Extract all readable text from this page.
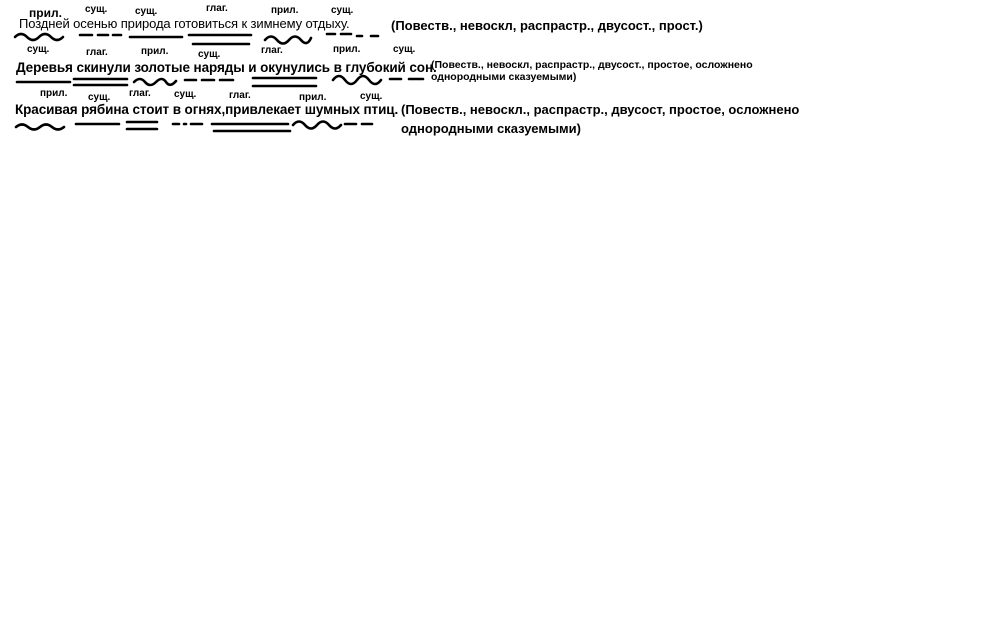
прил. сущ.	сущ.	глаг.	прил.	сущ.
Поздней осенью природа готовиться к зимнему отдыху.	(Повеств., невоскл, распрастр., двусост., прост.)
сущ.	глаг.	прил.	сущ.	глаг.	прил.	сущ.
Деревья скинули золотые наряды и окунулись в глубокий сон.
(Повеств., невоскл, распрастр., двусост., простое, осложнено
однородными сказуемыми)
прил. сущ. глаг. сущ.	глаг.	прил.	сущ.
Красивая рябина стоит в огнях,привлекает шумных птиц. (Повеств., невоскл., распрастр., двусост, простое, осложнено
однородными сказуемыми)
